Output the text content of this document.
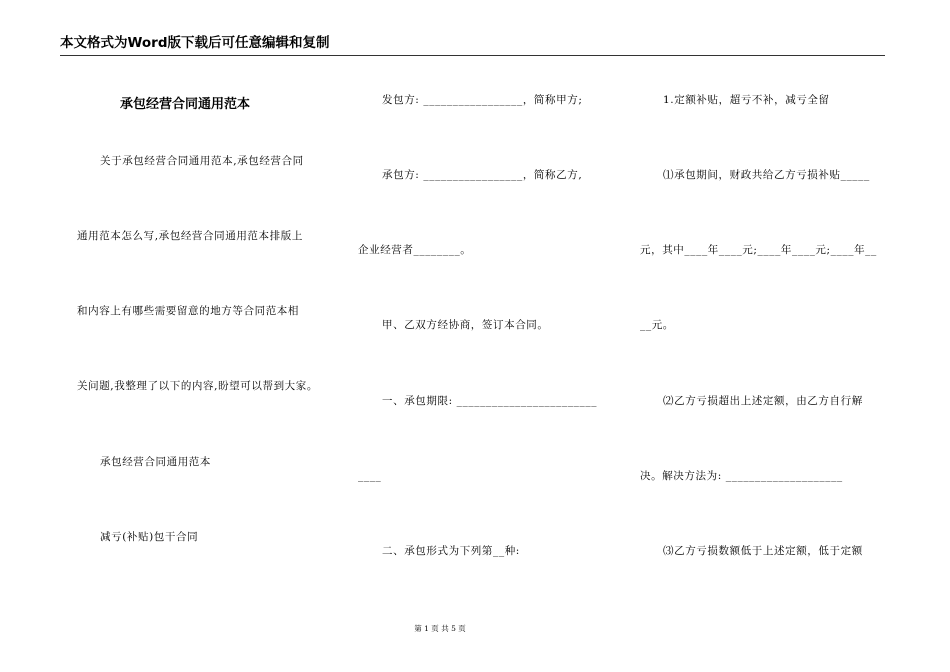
本文格式为Word版下载后可任意编辑和复制
承包经营合同通用范本
关于承包经营合同通用范本,承包经营合同
通用范本怎么写,承包经营合同通用范本排版上
和内容上有哪些需要留意的地方等合同范本相
关问题,我整理了以下的内容,盼望可以帮到大家。
承包经营合同通用范本
减亏(补贴)包干合同
发包方: _________________，简称甲方;
承包方: _________________，简称乙方,
企业经营者________。
甲、乙双方经协商，签订本合同。
一、承包期限: ________________________
____
二、承包形式为下列第__种:
1.定额补贴，超亏不补，减亏全留
⑴承包期间，财政共给乙方亏损补贴_____
元，其中____年____元;____年____元;____年__
__元。
⑵乙方亏损超出上述定额，由乙方自行解
决。解决方法为: ____________________
⑶乙方亏损数额低于上述定额，低于定额
第 1 页 共 5 页
